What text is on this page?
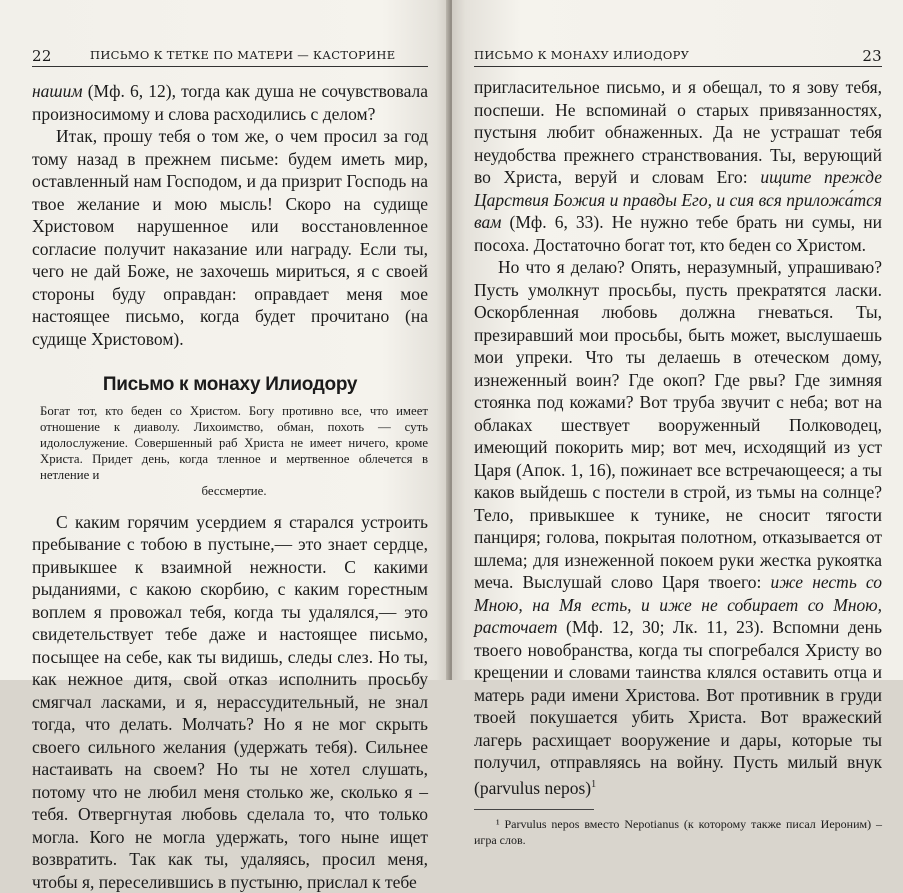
22	ПИСЬМО К ТЕТКЕ ПО МАТЕРИ — КАСТОРИНЕ

нашим (Мф. 6, 12), тогда как душа не сочувствовала произносимому и слова расходились с делом?

Итак, прошу тебя о том же, о чем просил за год тому назад в прежнем письме: будем иметь мир, оставленный нам Господом, и да призрит Господь на твое желание и мою мысль! Скоро на судище Христовом нарушенное или восстановленное согласие получит наказание или награду. Если ты, чего не дай Боже, не захочешь мириться, я с своей стороны буду оправдан: оправдает меня мое настоящее письмо, когда будет прочитано (на судище Христовом).

Письмо к монаху Илиодору
Богат тот, кто беден со Христом. Богу противно все, что имеет отношение к диаволу. Лихоимство, обман, похоть — суть идолослужение. Совершенный раб Христа не имеет ничего, кроме Христа. Придет день, когда тленное и мертвенное облечется в нетление и
бессмертие.

С каким горячим усердием я старался устроить пребывание с тобою в пустыне,— это знает сердце, привыкшее к взаимной нежности. С какими рыданиями, с какою скорбию, с каким горестным воплем я провожал тебя, когда ты удалялся,— это свидетельствует тебе даже и настоящее письмо, посыщее на себе, как ты видишь, следы слез. Но ты, как нежное дитя, свой отказ исполнить просьбу смягчал ласками, и я, нерассудительный, не знал тогда, что делать. Молчать? Но я не мог скрыть своего сильного желания (удержать тебя). Сильнее настаивать на своем? Но ты не хотел слушать, потому что не любил меня столько же, сколько я – тебя. Отвергнутая любовь сделала то, что только могла. Кого не могла удержать, того ныне ищет возвратить. Так как ты, удаляясь, просил меня, чтобы я, переселившись в пустыню, прислал к тебе

ПИСЬМО К МОНАХУ ИЛИОДОРУ	23

пригласительное письмо, и я обещал, то я зову тебя, поспеши. Не вспоминай о старых привязанностях, пустыня любит обнаженных. Да не устрашат тебя неудобства прежнего странствования. Ты, верующий во Христа, веруй и словам Его: ищите прежде Царствия Божия и правды Его, и сия вся приложа́тся вам (Мф. 6, 33). Не нужно тебе брать ни сумы, ни посоха. Достаточно богат тот, кто беден со Христом.

Но что я делаю? Опять, неразумный, упрашиваю? Пусть умолкнут просьбы, пусть прекратятся ласки. Оскорбленная любовь должна гневаться. Ты, презиравший мои просьбы, быть может, выслушаешь мои упреки. Что ты делаешь в отеческом дому, изнеженный воин? Где окоп? Где рвы? Где зимняя стоянка под кожами? Вот труба звучит с неба; вот на облаках шествует вооруженный Полководец, имеющий покорить мир; вот меч, исходящий из уст Царя (Апок. 1, 16), пожинает все встречающееся; а ты каков выйдешь с постели в строй, из тьмы на солнце? Тело, привыкшее к тунике, не сносит тягости панциря; голова, покрытая полотном, отказывается от шлема; для изнеженной покоем руки жестка рукоятка меча. Выслушай слово Царя твоего: иже несть со Мною, на Мя есть, и иже не собирает со Мною, расточает (Мф. 12, 30; Лк. 11, 23). Вспомни день твоего новобранства, когда ты спогребался Христу во крещении и словами таинства клялся оставить отца и матерь ради имени Христова. Вот противник в груди твоей покушается убить Христа. Вот вражеский лагерь расхищает вооружение и дары, которые ты получил, отправляясь на войну. Пусть милый внук (parvulus nepos)$^1$

¹ Parvulus nepos вместо Nepotianus (к которому также писал Иероним) – игра слов.
